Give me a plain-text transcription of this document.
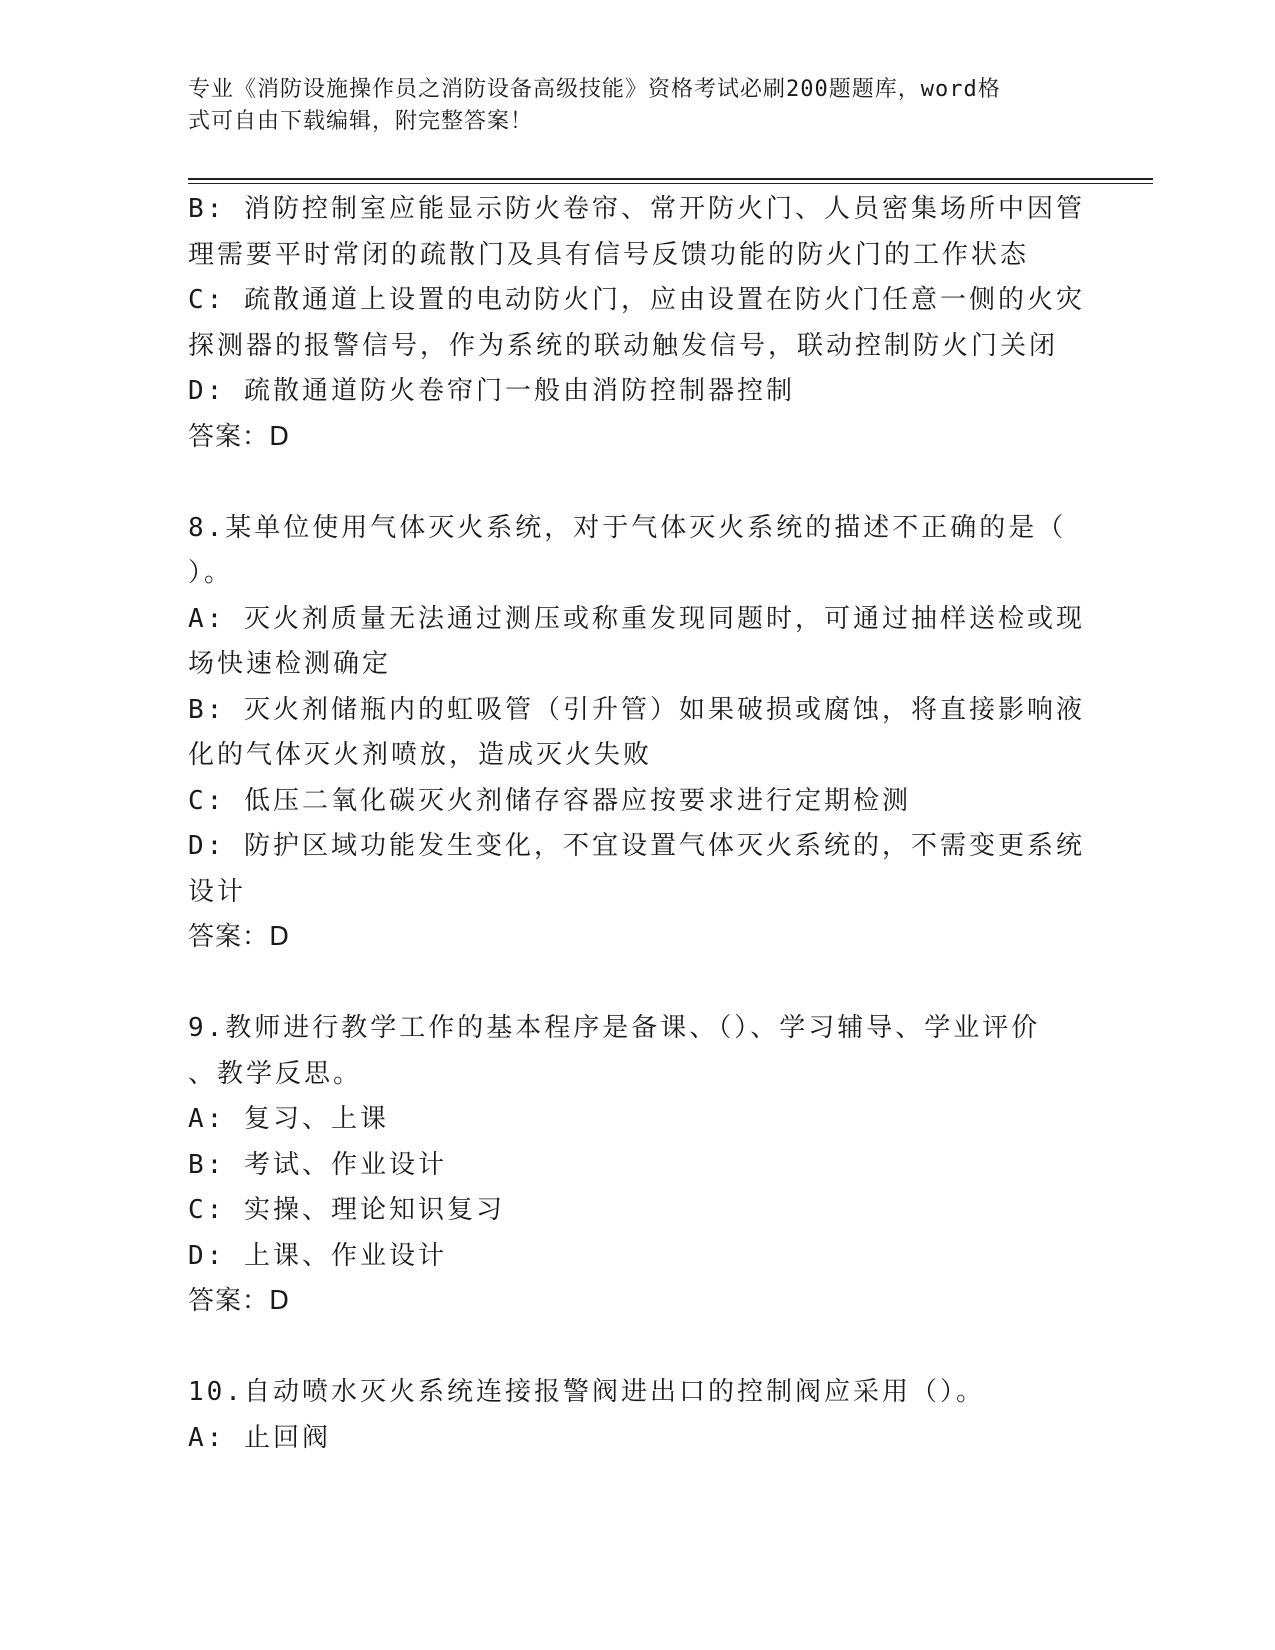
专业《消防设施操作员之消防设备高级技能》资格考试必刷200题题库，word格
式可自由下载编辑，附完整答案！
B: 消防控制室应能显示防火卷帘、常开防火门、人员密集场所中因管
理需要平时常闭的疏散门及具有信号反馈功能的防火门的工作状态
C: 疏散通道上设置的电动防火门，应由设置在防火门任意一侧的火灾
探测器的报警信号，作为系统的联动触发信号，联动控制防火门关闭
D: 疏散通道防火卷帘门一般由消防控制器控制
答案：D
8.某单位使用气体灭火系统，对于气体灭火系统的描述不正确的是（
）。
A: 灭火剂质量无法通过测压或称重发现同题时，可通过抽样送检或现
场快速检测确定
B: 灭火剂储瓶内的虹吸管（引升管）如果破损或腐蚀，将直接影响液
化的气体灭火剂喷放，造成灭火失败
C: 低压二氧化碳灭火剂储存容器应按要求进行定期检测
D: 防护区域功能发生变化，不宜设置气体灭火系统的，不需变更系统
设计
答案：D
9.教师进行教学工作的基本程序是备课、（）、学习辅导、学业评价
、教学反思。
A: 复习、上课
B: 考试、作业设计
C: 实操、理论知识复习
D: 上课、作业设计
答案：D
10.自动喷水灭火系统连接报警阀进出口的控制阀应采用（）。
A: 止回阀
